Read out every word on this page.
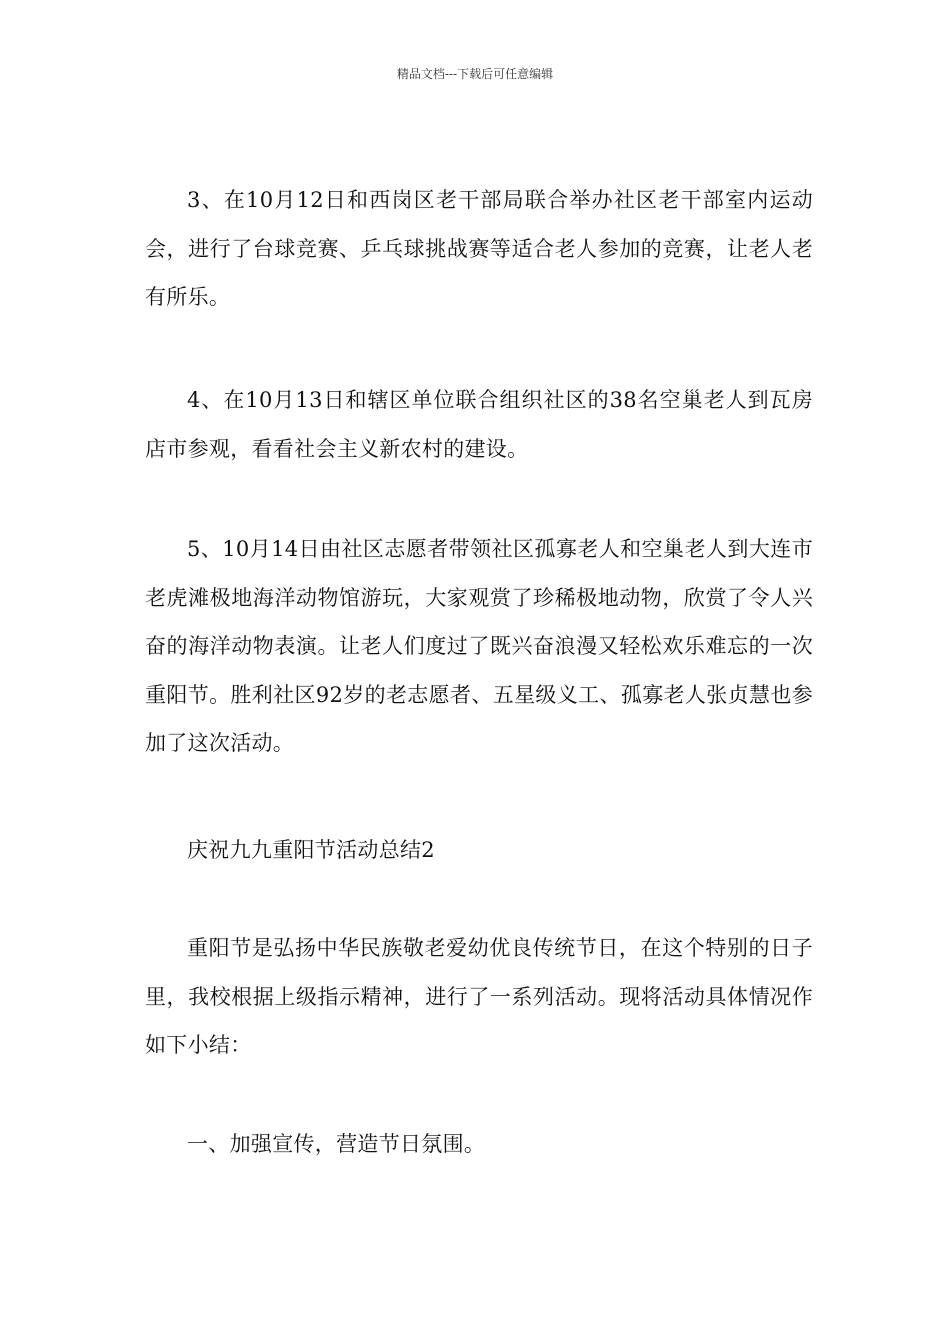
精品文档---下载后可任意编辑

3、在10月12日和西岗区老干部局联合举办社区老干部室内运动会，进行了台球竞赛、乒乓球挑战赛等适合老人参加的竞赛，让老人老有所乐。

4、在10月13日和辖区单位联合组织社区的38名空巢老人到瓦房店市参观，看看社会主义新农村的建设。

5、10月14日由社区志愿者带领社区孤寡老人和空巢老人到大连市老虎滩极地海洋动物馆游玩，大家观赏了珍稀极地动物，欣赏了令人兴奋的海洋动物表演。让老人们度过了既兴奋浪漫又轻松欢乐难忘的一次重阳节。胜利社区92岁的老志愿者、五星级义工、孤寡老人张贞慧也参加了这次活动。

庆祝九九重阳节活动总结2

重阳节是弘扬中华民族敬老爱幼优良传统节日，在这个特别的日子里，我校根据上级指示精神，进行了一系列活动。现将活动具体情况作如下小结：

一、加强宣传，营造节日氛围。
